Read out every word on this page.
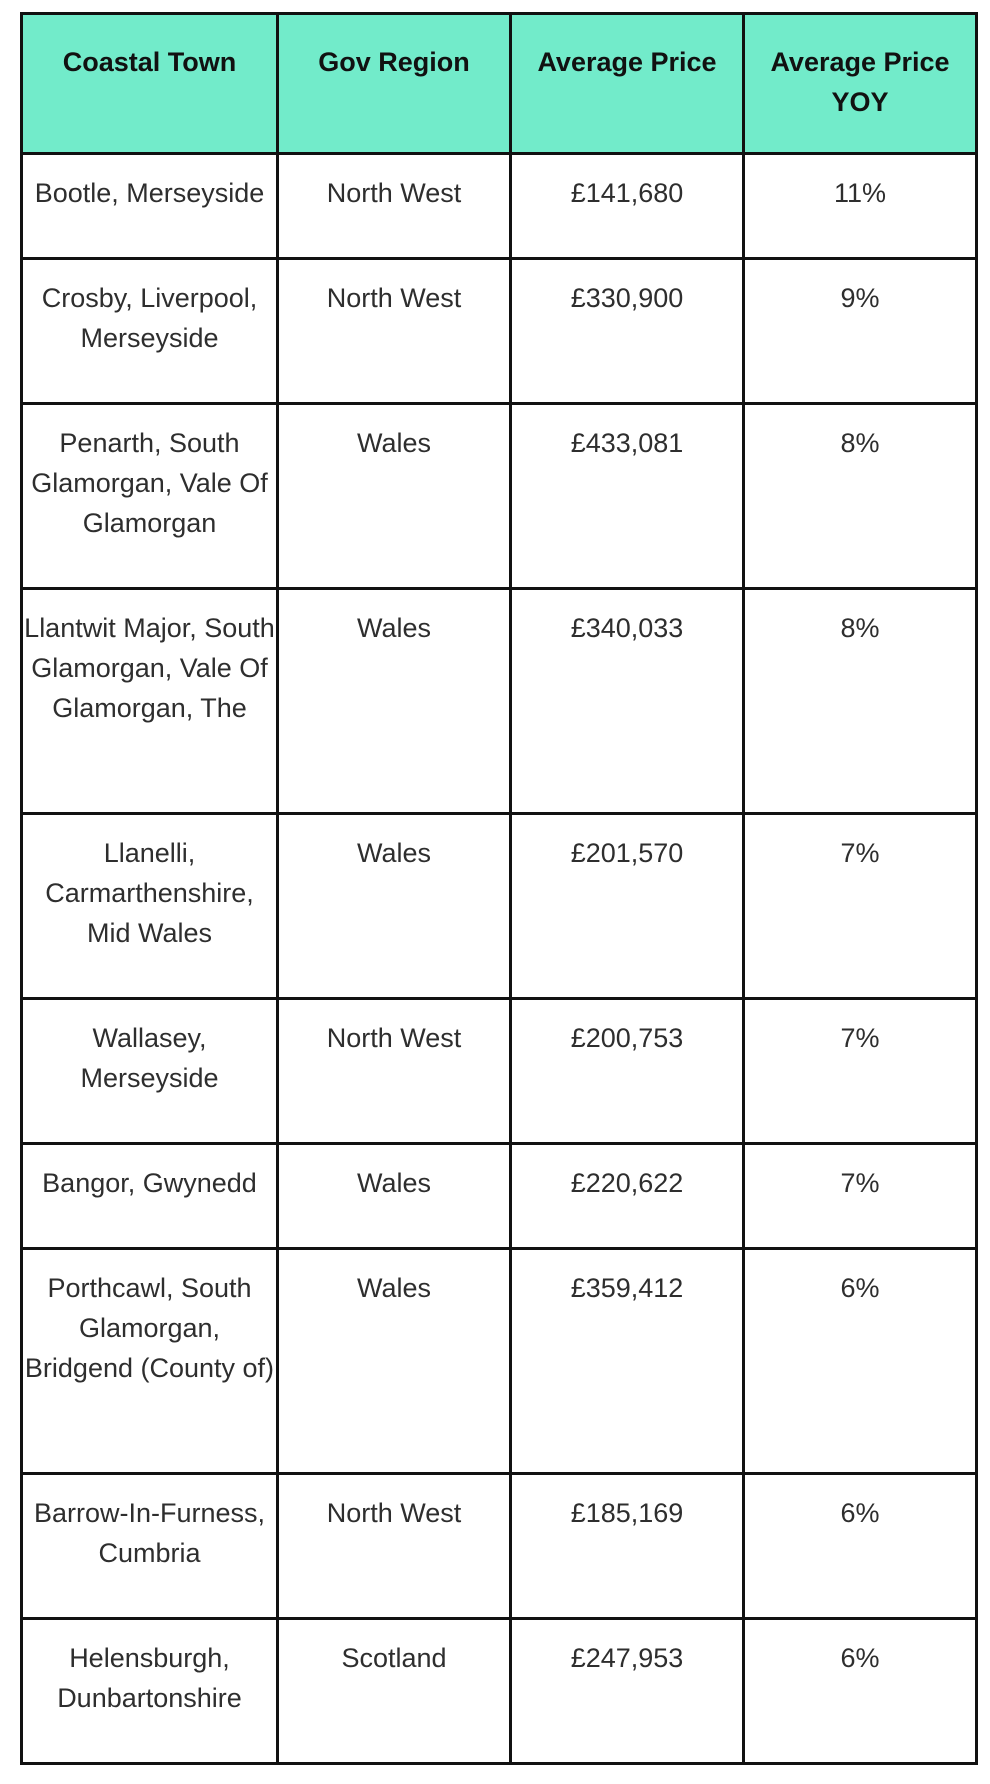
Coastal Town	Gov Region	Average Price	Average Price YOY
Bootle, Merseyside	North West	£141,680	11%
Crosby, Liverpool, Merseyside	North West	£330,900	9%
Penarth, South Glamorgan, Vale Of Glamorgan	Wales	£433,081	8%
Llantwit Major, South Glamorgan, Vale Of Glamorgan, The	Wales	£340,033	8%
Llanelli, Carmarthenshire, Mid Wales	Wales	£201,570	7%
Wallasey, Merseyside	North West	£200,753	7%
Bangor, Gwynedd	Wales	£220,622	7%
Porthcawl, South Glamorgan, Bridgend (County of)	Wales	£359,412	6%
Barrow-In-Furness, Cumbria	North West	£185,169	6%
Helensburgh, Dunbartonshire	Scotland	£247,953	6%
